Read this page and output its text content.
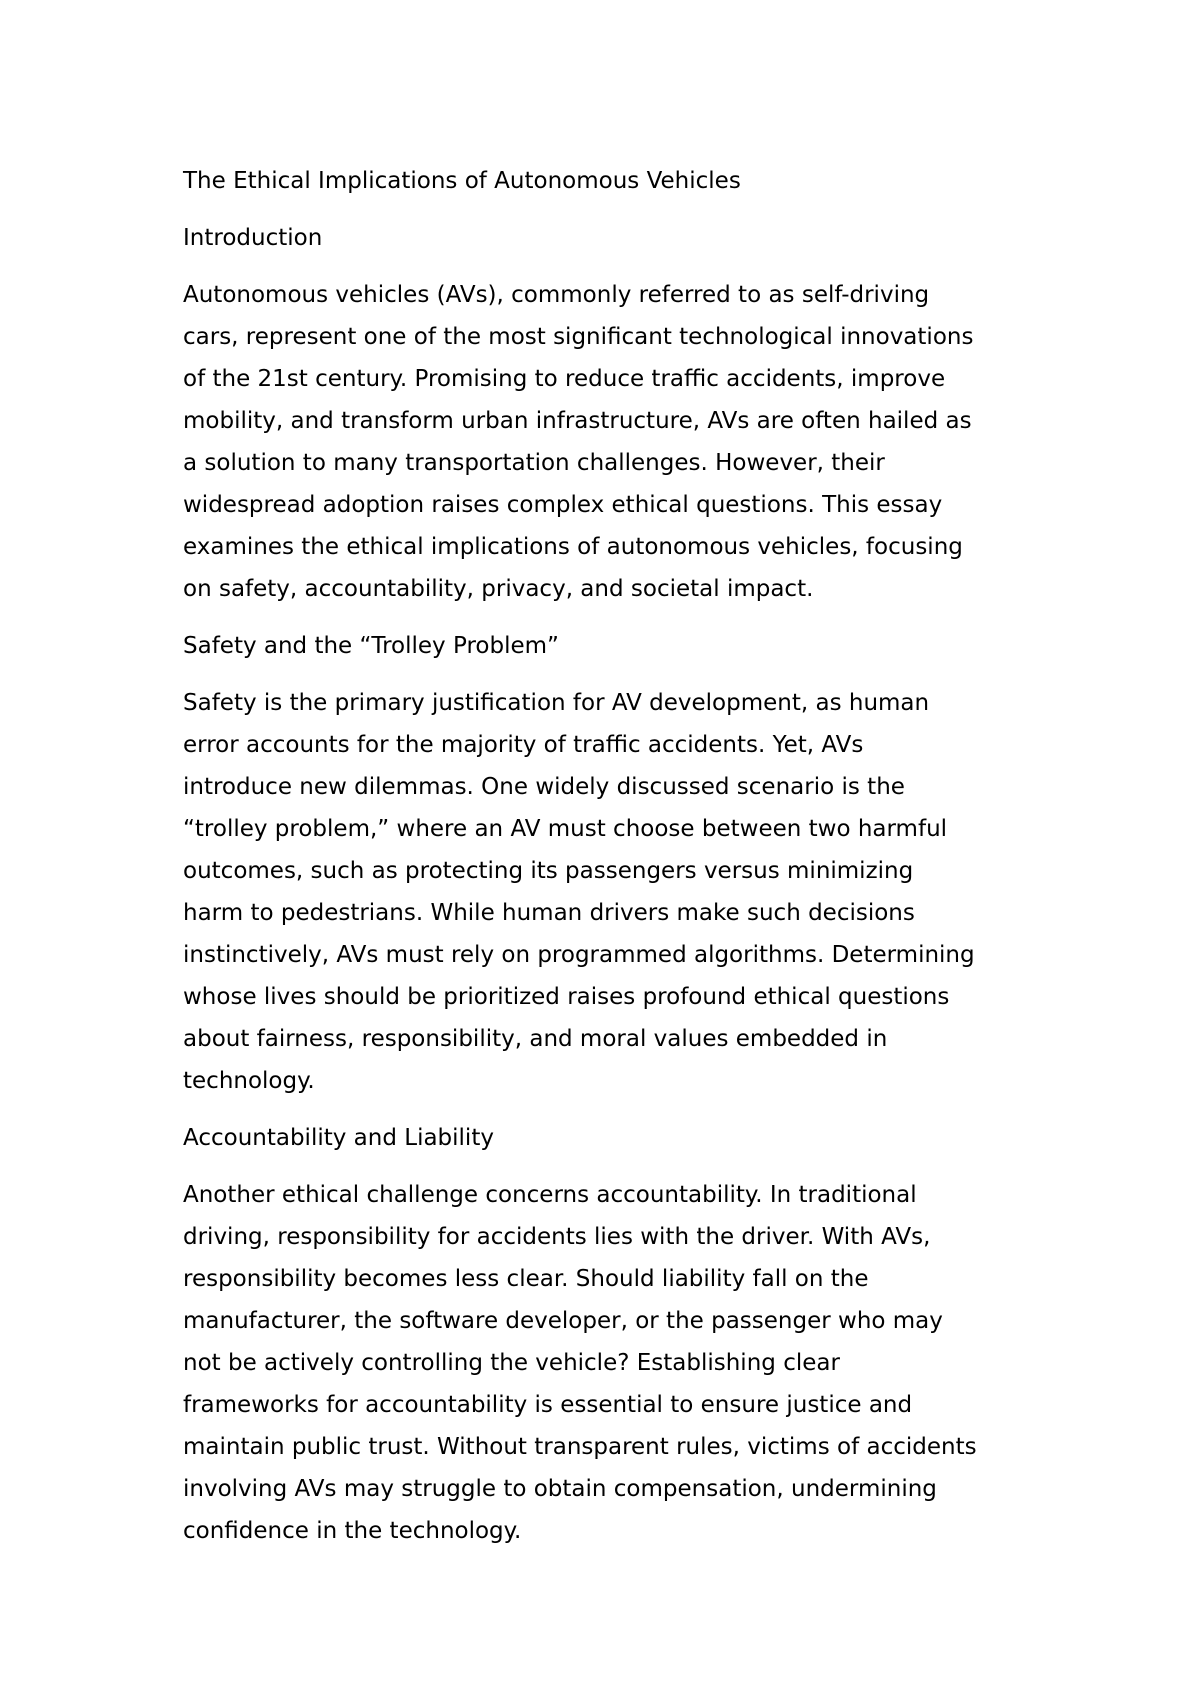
The Ethical Implications of Autonomous Vehicles
Introduction
Autonomous vehicles (AVs), commonly referred to as self-driving
cars, represent one of the most significant technological innovations
of the 21st century. Promising to reduce traffic accidents, improve
mobility, and transform urban infrastructure, AVs are often hailed as
a solution to many transportation challenges. However, their
widespread adoption raises complex ethical questions. This essay
examines the ethical implications of autonomous vehicles, focusing
on safety, accountability, privacy, and societal impact.
Safety and the “Trolley Problem”
Safety is the primary justification for AV development, as human
error accounts for the majority of traffic accidents. Yet, AVs
introduce new dilemmas. One widely discussed scenario is the
“trolley problem,” where an AV must choose between two harmful
outcomes, such as protecting its passengers versus minimizing
harm to pedestrians. While human drivers make such decisions
instinctively, AVs must rely on programmed algorithms. Determining
whose lives should be prioritized raises profound ethical questions
about fairness, responsibility, and moral values embedded in
technology.
Accountability and Liability
Another ethical challenge concerns accountability. In traditional
driving, responsibility for accidents lies with the driver. With AVs,
responsibility becomes less clear. Should liability fall on the
manufacturer, the software developer, or the passenger who may
not be actively controlling the vehicle? Establishing clear
frameworks for accountability is essential to ensure justice and
maintain public trust. Without transparent rules, victims of accidents
involving AVs may struggle to obtain compensation, undermining
confidence in the technology.
